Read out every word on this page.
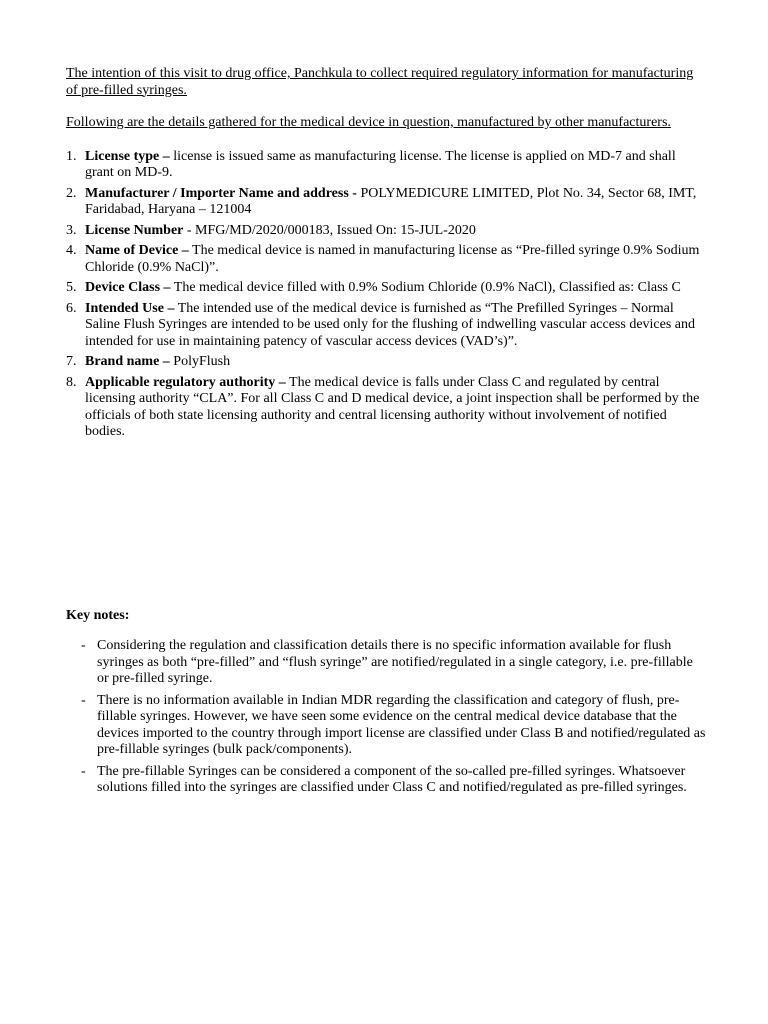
The intention of this visit to drug office, Panchkula to collect required regulatory information for manufacturing of pre-filled syringes.

Following are the details gathered for the medical device in question, manufactured by other manufacturers.

1. License type – license is issued same as manufacturing license. The license is applied on MD-7 and shall grant on MD-9.
2. Manufacturer / Importer Name and address - POLYMEDICURE LIMITED, Plot No. 34, Sector 68, IMT, Faridabad, Haryana – 121004
3. License Number - MFG/MD/2020/000183, Issued On: 15-JUL-2020
4. Name of Device – The medical device is named in manufacturing license as “Pre-filled syringe 0.9% Sodium Chloride (0.9% NaCl)”.
5. Device Class – The medical device filled with 0.9% Sodium Chloride (0.9% NaCl), Classified as: Class C
6. Intended Use – The intended use of the medical device is furnished as “The Prefilled Syringes – Normal Saline Flush Syringes are intended to be used only for the flushing of indwelling vascular access devices and intended for use in maintaining patency of vascular access devices (VAD’s)”.
7. Brand name – PolyFlush
8. Applicable regulatory authority – The medical device is falls under Class C and regulated by central licensing authority “CLA”. For all Class C and D medical device, a joint inspection shall be performed by the officials of both state licensing authority and central licensing authority without involvement of notified bodies.

Key notes:

- Considering the regulation and classification details there is no specific information available for flush syringes as both “pre-filled” and “flush syringe” are notified/regulated in a single category, i.e. pre-fillable or pre-filled syringe.
- There is no information available in Indian MDR regarding the classification and category of flush, pre-fillable syringes. However, we have seen some evidence on the central medical device database that the devices imported to the country through import license are classified under Class B and notified/regulated as pre-fillable syringes (bulk pack/components).
- The pre-fillable Syringes can be considered a component of the so-called pre-filled syringes. Whatsoever solutions filled into the syringes are classified under Class C and notified/regulated as pre-filled syringes.
